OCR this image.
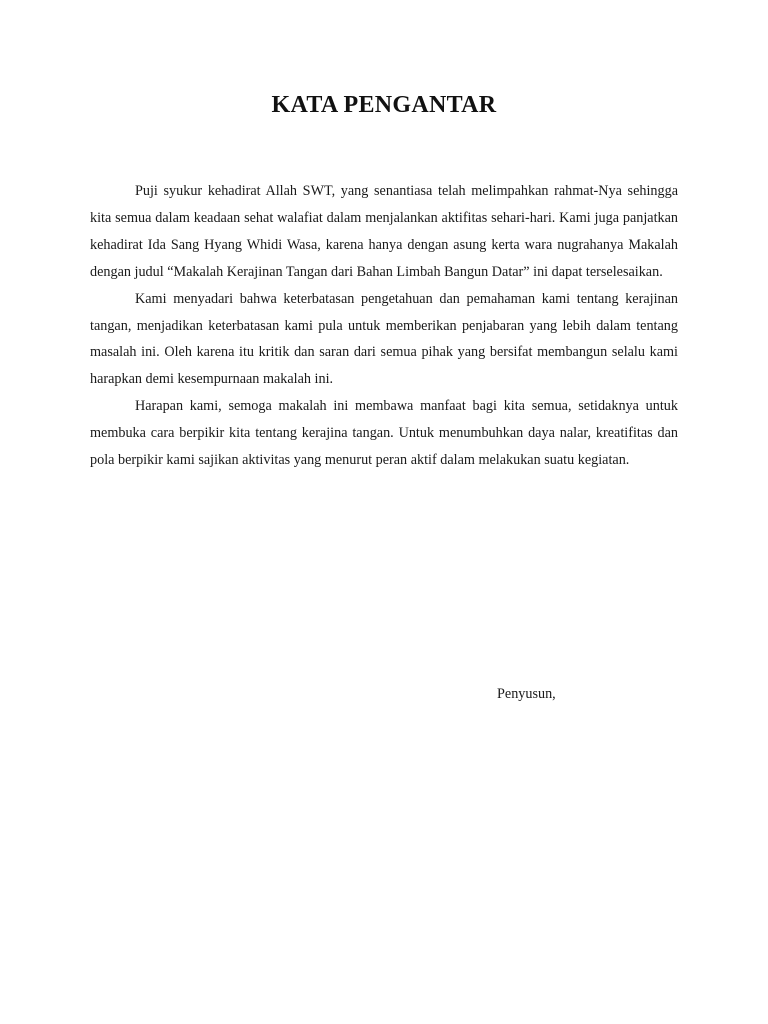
KATA PENGANTAR

Puji syukur kehadirat Allah SWT, yang senantiasa telah melimpahkan rahmat-Nya sehingga kita semua dalam keadaan sehat walafiat dalam menjalankan aktifitas sehari-hari. Kami juga panjatkan kehadirat Ida Sang Hyang Whidi Wasa, karena hanya dengan asung kerta wara nugrahanya Makalah dengan judul “Makalah Kerajinan Tangan dari Bahan Limbah Bangun Datar” ini dapat terselesaikan.

Kami menyadari bahwa keterbatasan pengetahuan dan pemahaman kami tentang kerajinan tangan, menjadikan keterbatasan kami pula untuk memberikan penjabaran yang lebih dalam tentang masalah ini. Oleh karena itu kritik dan saran dari semua pihak yang bersifat membangun selalu kami harapkan demi kesempurnaan makalah ini.

Harapan kami, semoga makalah ini membawa manfaat bagi kita semua, setidaknya untuk membuka cara berpikir kita tentang kerajina tangan. Untuk menumbuhkan daya nalar, kreatifitas dan pola berpikir kami sajikan aktivitas yang menurut peran aktif dalam melakukan suatu kegiatan.

Penyusun,
